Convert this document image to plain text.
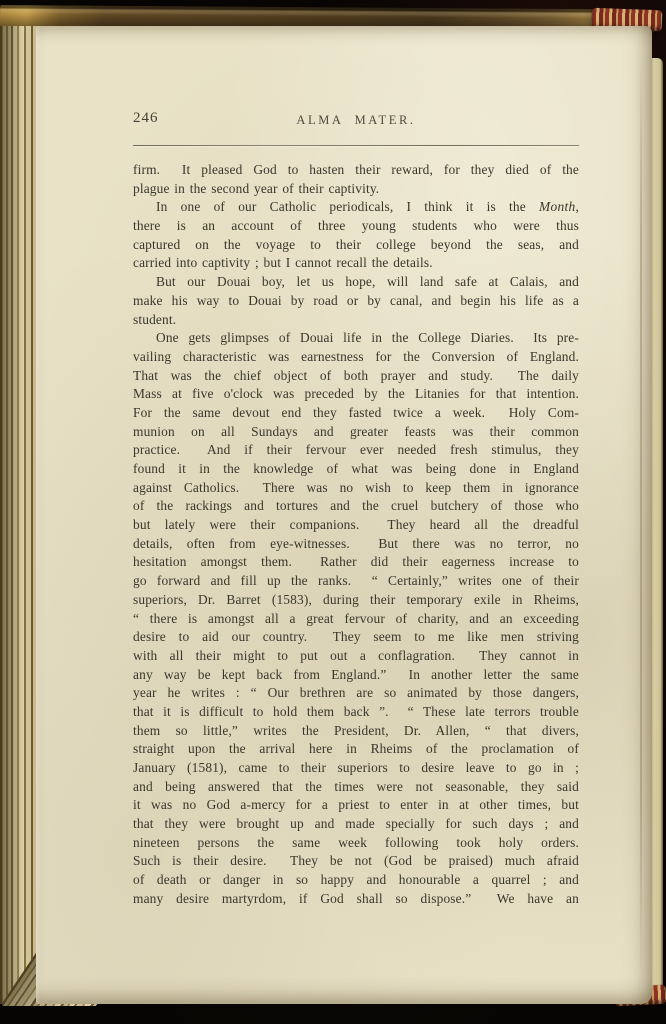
246	ALMA MATER.
firm.  It pleased God to hasten their reward, for they died of the
plague in the second year of their captivity.
In one of our Catholic periodicals, I think it is the Month,
there is an account of three young students who were thus
captured on the voyage to their college beyond the seas, and
carried into captivity ; but I cannot recall the details.
But our Douai boy, let us hope, will land safe at Calais, and
make his way to Douai by road or by canal, and begin his life as a
student.
One gets glimpses of Douai life in the College Diaries.  Its pre-
vailing characteristic was earnestness for the Conversion of England.
That was the chief object of both prayer and study.  The daily
Mass at five o'clock was preceded by the Litanies for that intention.
For the same devout end they fasted twice a week.  Holy Com-
munion on all Sundays and greater feasts was their common
practice.  And if their fervour ever needed fresh stimulus, they
found it in the knowledge of what was being done in England
against Catholics.  There was no wish to keep them in ignorance
of the rackings and tortures and the cruel butchery of those who
but lately were their companions.  They heard all the dreadful
details, often from eye-witnesses.  But there was no terror, no
hesitation amongst them.  Rather did their eagerness increase to
go forward and fill up the ranks.  “ Certainly,” writes one of their
superiors, Dr. Barret (1583), during their temporary exile in Rheims,
“ there is amongst all a great fervour of charity, and an exceeding
desire to aid our country.  They seem to me like men striving
with all their might to put out a conflagration.  They cannot in
any way be kept back from England.”  In another letter the same
year he writes : “ Our brethren are so animated by those dangers,
that it is difficult to hold them back ”.  “ These late terrors trouble
them so little,” writes the President, Dr. Allen, “ that divers,
straight upon the arrival here in Rheims of the proclamation of
January (1581), came to their superiors to desire leave to go in ;
and being answered that the times were not seasonable, they said
it was no God a-mercy for a priest to enter in at other times, but
that they were brought up and made specially for such days ; and
nineteen persons the same week following took holy orders.
Such is their desire.  They be not (God be praised) much afraid
of death or danger in so happy and honourable a quarrel ; and
many desire martyrdom, if God shall so dispose.”  We have an
